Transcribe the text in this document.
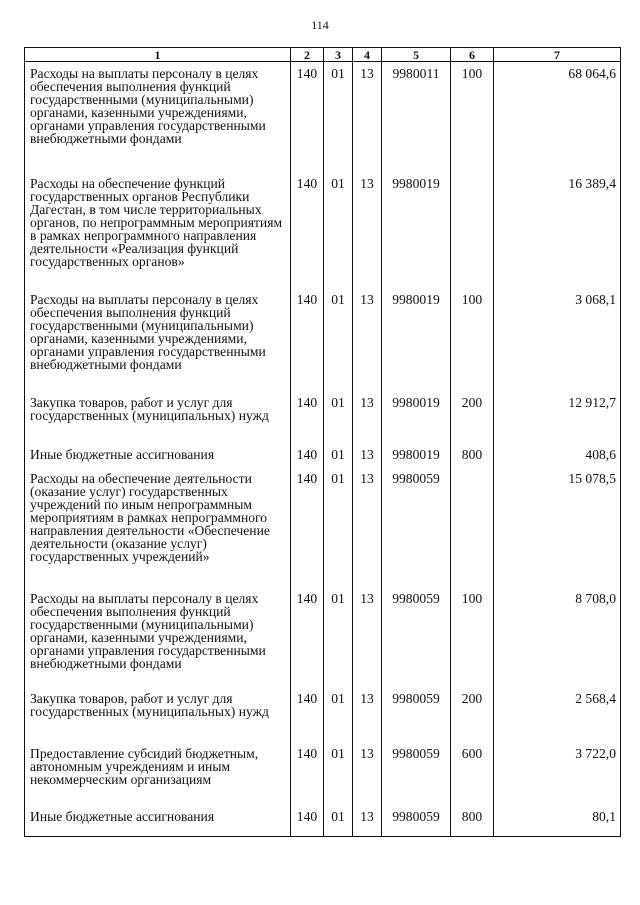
114
1	2	3	4	5	6	7
Расходы на выплаты персоналу в целях обеспечения выполнения функций государственными (муниципальными) органами, казенными учреждениями, органами управления государственными внебюджетными фондами	140	01	13	9980011	100	68 064,6
Расходы на обеспечение функций государственных органов Республики Дагестан, в том числе территориальных органов, по непрограммным мероприятиям в рамках непрограммного направления деятельности «Реализация функций государственных органов»	140	01	13	9980019		16 389,4
Расходы на выплаты персоналу в целях обеспечения выполнения функций государственными (муниципальными) органами, казенными учреждениями, органами управления государственными внебюджетными фондами	140	01	13	9980019	100	3 068,1
Закупка товаров, работ и услуг для государственных (муниципальных) нужд	140	01	13	9980019	200	12 912,7
Иные бюджетные ассигнования	140	01	13	9980019	800	408,6
Расходы на обеспечение деятельности (оказание услуг) государственных учреждений по иным непрограммным мероприятиям в рамках непрограммного направления деятельности «Обеспечение деятельности (оказание услуг) государственных учреждений»	140	01	13	9980059		15 078,5
Расходы на выплаты персоналу в целях обеспечения выполнения функций государственными (муниципальными) органами, казенными учреждениями, органами управления государственными внебюджетными фондами	140	01	13	9980059	100	8 708,0
Закупка товаров, работ и услуг для государственных (муниципальных) нужд	140	01	13	9980059	200	2 568,4
Предоставление субсидий бюджетным, автономным учреждениям и иным некоммерческим организациям	140	01	13	9980059	600	3 722,0
Иные бюджетные ассигнования	140	01	13	9980059	800	80,1
